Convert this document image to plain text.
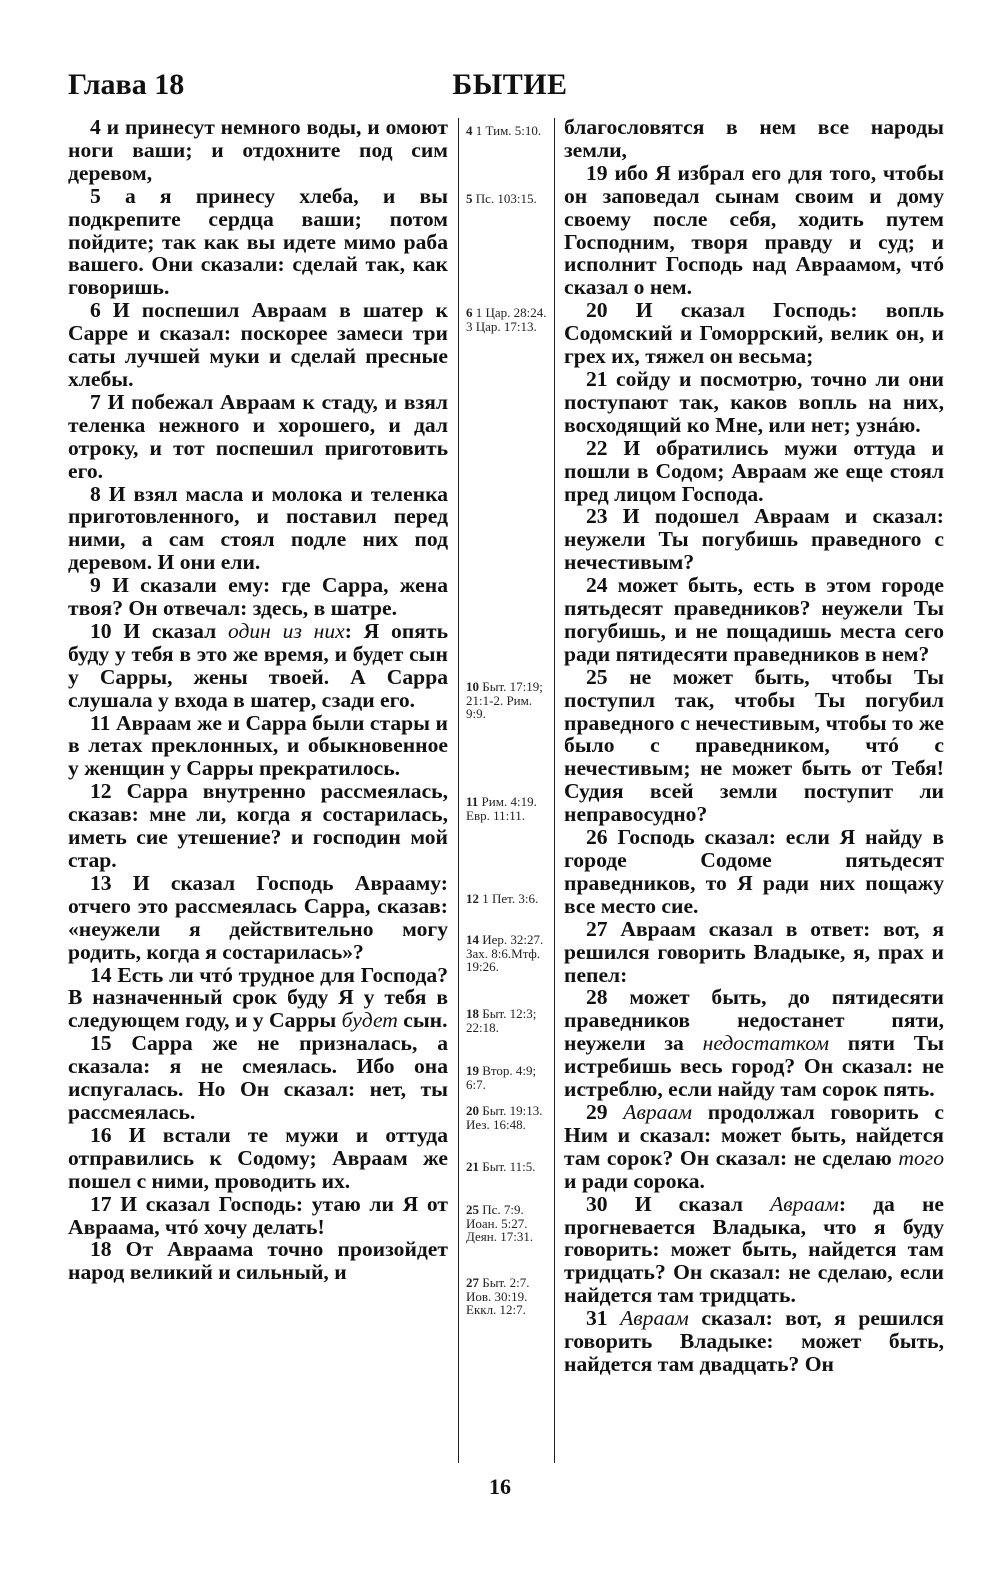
Глава 18	БЫТИЕ

4 и принесут немного воды, и омоют ноги ваши; и отдохните под сим деревом,

5 а я принесу хлеба, и вы подкрепите сердца ваши; потом пойдите; так как вы идете мимо раба вашего. Они сказали: сделай так, как говоришь.

6 И поспешил Авраам в шатер к Сарре и сказал: поскорее замеси три саты лучшей муки и сделай пресные хлебы.

7 И побежал Авраам к стаду, и взял теленка нежного и хорошего, и дал отроку, и тот поспешил приготовить его.

8 И взял масла и молока и теленка приготовленного, и поставил перед ними, а сам стоял подле них под деревом. И они ели.

9 И сказали ему: где Сарра, жена твоя? Он отвечал: здесь, в шатре.

10 И сказал один из них: Я опять буду у тебя в это же время, и будет сын у Сарры, жены твоей. А Сарра слушала у входа в шатер, сзади его.

11 Авраам же и Сарра были стары и в летах преклонных, и обыкновенное у женщин у Сарры прекратилось.

12 Сарра внутренно рассмеялась, сказав: мне ли, когда я состарилась, иметь сие утешение? и господин мой стар.

13 И сказал Господь Аврааму: отчего это рассмеялась Сарра, сказав: «неужели я действительно могу родить, когда я состарилась»?

14 Есть ли чтó трудное для Господа? В назначенный срок буду Я у тебя в следующем году, и у Сарры будет сын.

15 Сарра же не призналась, а сказала: я не смеялась. Ибо она испугалась. Но Он сказал: нет, ты рассмеялась.

16 И встали те мужи и оттуда отправились к Содому; Авраам же пошел с ними, проводить их.

17 И сказал Господь: утаю ли Я от Авраама, чтó хочу делать!

18 От Авраама точно произойдет народ великий и сильный, и

4 1 Тим. 5:10.
5 Пс. 103:15.
6 1 Цар. 28:24. 3 Цар. 17:13.
10 Быт. 17:19; 21:1-2. Рим. 9:9.
11 Рим. 4:19. Евр. 11:11.
12 1 Пет. 3:6.
14 Иер. 32:27. Зах. 8:6.Мтф. 19:26.
18 Быт. 12:3; 22:18.
19 Втор. 4:9; 6:7.
20 Быт. 19:13. Иез. 16:48.
21 Быт. 11:5.
25 Пс. 7:9. Иоан. 5:27. Деян. 17:31.
27 Быт. 2:7. Иов. 30:19. Еккл. 12:7.

благословятся в нем все народы земли,

19 ибо Я избрал его для того, чтобы он заповедал сынам своим и дому своему после себя, ходить путем Господним, творя правду и суд; и исполнит Господь над Авраамом, чтó сказал о нем.

20 И сказал Господь: вопль Содомский и Гоморрский, велик он, и грех их, тяжел он весьма;

21 сойду и посмотрю, точно ли они поступают так, каков вопль на них, восходящий ко Мне, или нет; узнáю.

22 И обратились мужи оттуда и пошли в Содом; Авраам же еще стоял пред лицом Господа.

23 И подошел Авраам и сказал: неужели Ты погубишь праведного с нечестивым?

24 может быть, есть в этом городе пятьдесят праведников? неужели Ты погубишь, и не пощадишь места сего ради пятидесяти праведников в нем?

25 не может быть, чтобы Ты поступил так, чтобы Ты погубил праведного с нечестивым, чтобы то же было с праведником, чтó с нечестивым; не может быть от Тебя! Судия всей земли поступит ли неправосудно?

26 Господь сказал: если Я найду в городе Содоме пятьдесят праведников, то Я ради них пощажу все место сие.

27 Авраам сказал в ответ: вот, я решился говорить Владыке, я, прах и пепел:

28 может быть, до пятидесяти праведников недостанет пяти, неужели за недостатком пяти Ты истребишь весь город? Он сказал: не истреблю, если найду там сорок пять.

29 Авраам продолжал говорить с Ним и сказал: может быть, найдется там сорок? Он сказал: не сделаю того и ради сорока.

30 И сказал Авраам: да не прогневается Владыка, что я буду говорить: может быть, найдется там тридцать? Он сказал: не сделаю, если найдется там тридцать.

31 Авраам сказал: вот, я решился говорить Владыке: может быть, найдется там двадцать? Он

16
